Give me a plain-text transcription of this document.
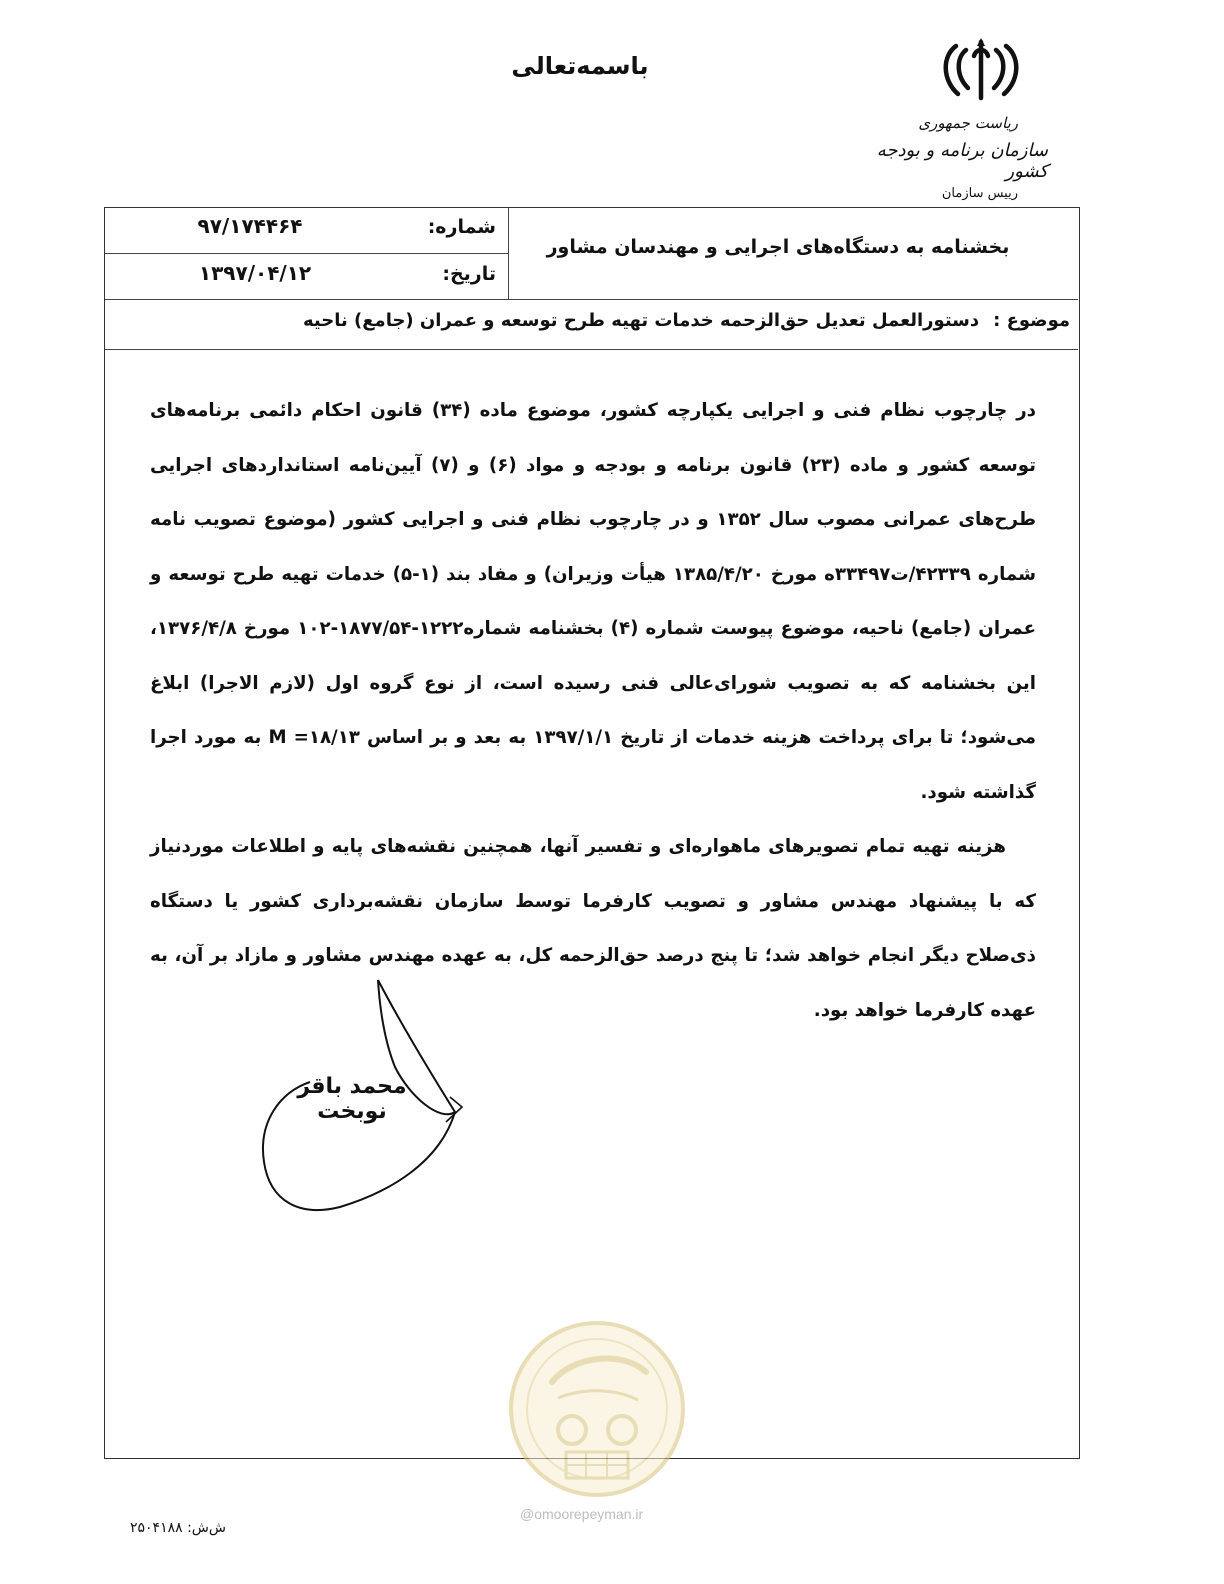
باسمه‌تعالی
ریاست جمهوری
سازمان برنامه و بودجه کشور
رییس سازمان
شماره:
۹۷/۱۷۴۴۶۴
تاریخ:
۱۳۹۷/۰۴/۱۲
بخشنامه به دستگاه‌های اجرایی و مهندسان مشاور
موضوع :دستورالعمل تعدیل حق‌الزحمه خدمات تهیه طرح توسعه و عمران (جامع) ناحیه

در چارچوب نظام فنی و اجرایی یکپارچه کشور، موضوع ماده (۳۴) قانون احکام دائمی برنامه‌های توسعه کشور و ماده (۲۳) قانون برنامه و بودجه و مواد (۶) و (۷) آیین‌نامه استانداردهای اجرایی طرح‌های عمرانی مصوب سال ۱۳۵۲ و در چارچوب نظام فنی و اجرایی کشور (موضوع تصویب نامه شماره ۴۲۳۳۹/ت۳۳۴۹۷ه مورخ ۱۳۸۵/۴/۲۰ هیأت وزیران) و مفاد بند (۱-۵) خدمات تهیه طرح توسعه و عمران (جامع) ناحیه، موضوع پیوست شماره (۴) بخشنامه شماره۱۲۲۲-۱۸۷۷/۵۴-۱۰۲ مورخ ۱۳۷۶/۴/۸، این بخشنامه که به تصویب شورای‌عالی فنی رسیده است، از نوع گروه اول (لازم الاجرا) ابلاغ می‌شود؛ تا برای پرداخت هزینه خدمات از تاریخ ۱۳۹۷/۱/۱ به بعد و بر اساس M =۱۸/۱۳ به مورد اجرا گذاشته شود.

هزینه تهیه تمام تصویرهای ماهواره‌ای و تفسیر آنها، همچنین نقشه‌های پایه و اطلاعات موردنیاز که با پیشنهاد مهندس مشاور و تصویب کارفرما توسط سازمان نقشه‌برداری کشور یا دستگاه ذی‌صلاح دیگر انجام خواهد شد؛ تا پنج درصد حق‌الزحمه کل، به عهده مهندس مشاور و مازاد بر آن، به عهده کارفرما خواهد بود.

محمد باقر نوبخت
@omoorepeyman.ir
ش‌ش: ۲۵۰۴۱۸۸
